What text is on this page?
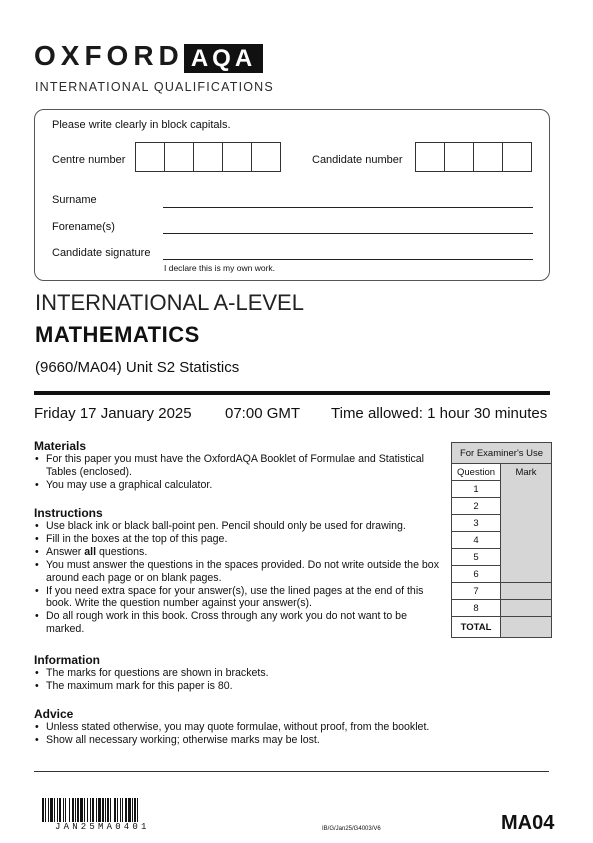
OXFORD AQA
INTERNATIONAL QUALIFICATIONS
Please write clearly in block capitals.
Centre number	Candidate number
Surname
Forename(s)
Candidate signature
I declare this is my own work.
INTERNATIONAL A-LEVEL
MATHEMATICS
(9660/MA04) Unit S2 Statistics
Friday 17 January 2025 07:00 GMT Time allowed: 1 hour 30 minutes
Materials
• For this paper you must have the OxfordAQA Booklet of Formulae and Statistical Tables (enclosed).
• You may use a graphical calculator.
Instructions
• Use black ink or black ball-point pen. Pencil should only be used for drawing.
• Fill in the boxes at the top of this page.
• Answer all questions.
• You must answer the questions in the spaces provided. Do not write outside the box around each page or on blank pages.
• If you need extra space for your answer(s), use the lined pages at the end of this book. Write the question number against your answer(s).
• Do all rough work in this book. Cross through any work you do not want to be marked.
Information
• The marks for questions are shown in brackets.
• The maximum mark for this paper is 80.
Advice
• Unless stated otherwise, you may quote formulae, without proof, from the booklet.
• Show all necessary working; otherwise marks may be lost.
For Examiner's Use	
Question	Mark
1	
2	
3	
4	
5	
6	
7	
8	
TOTAL	
JAN25MA0401	IB/G/Jan25/G4003/V6	MA04
